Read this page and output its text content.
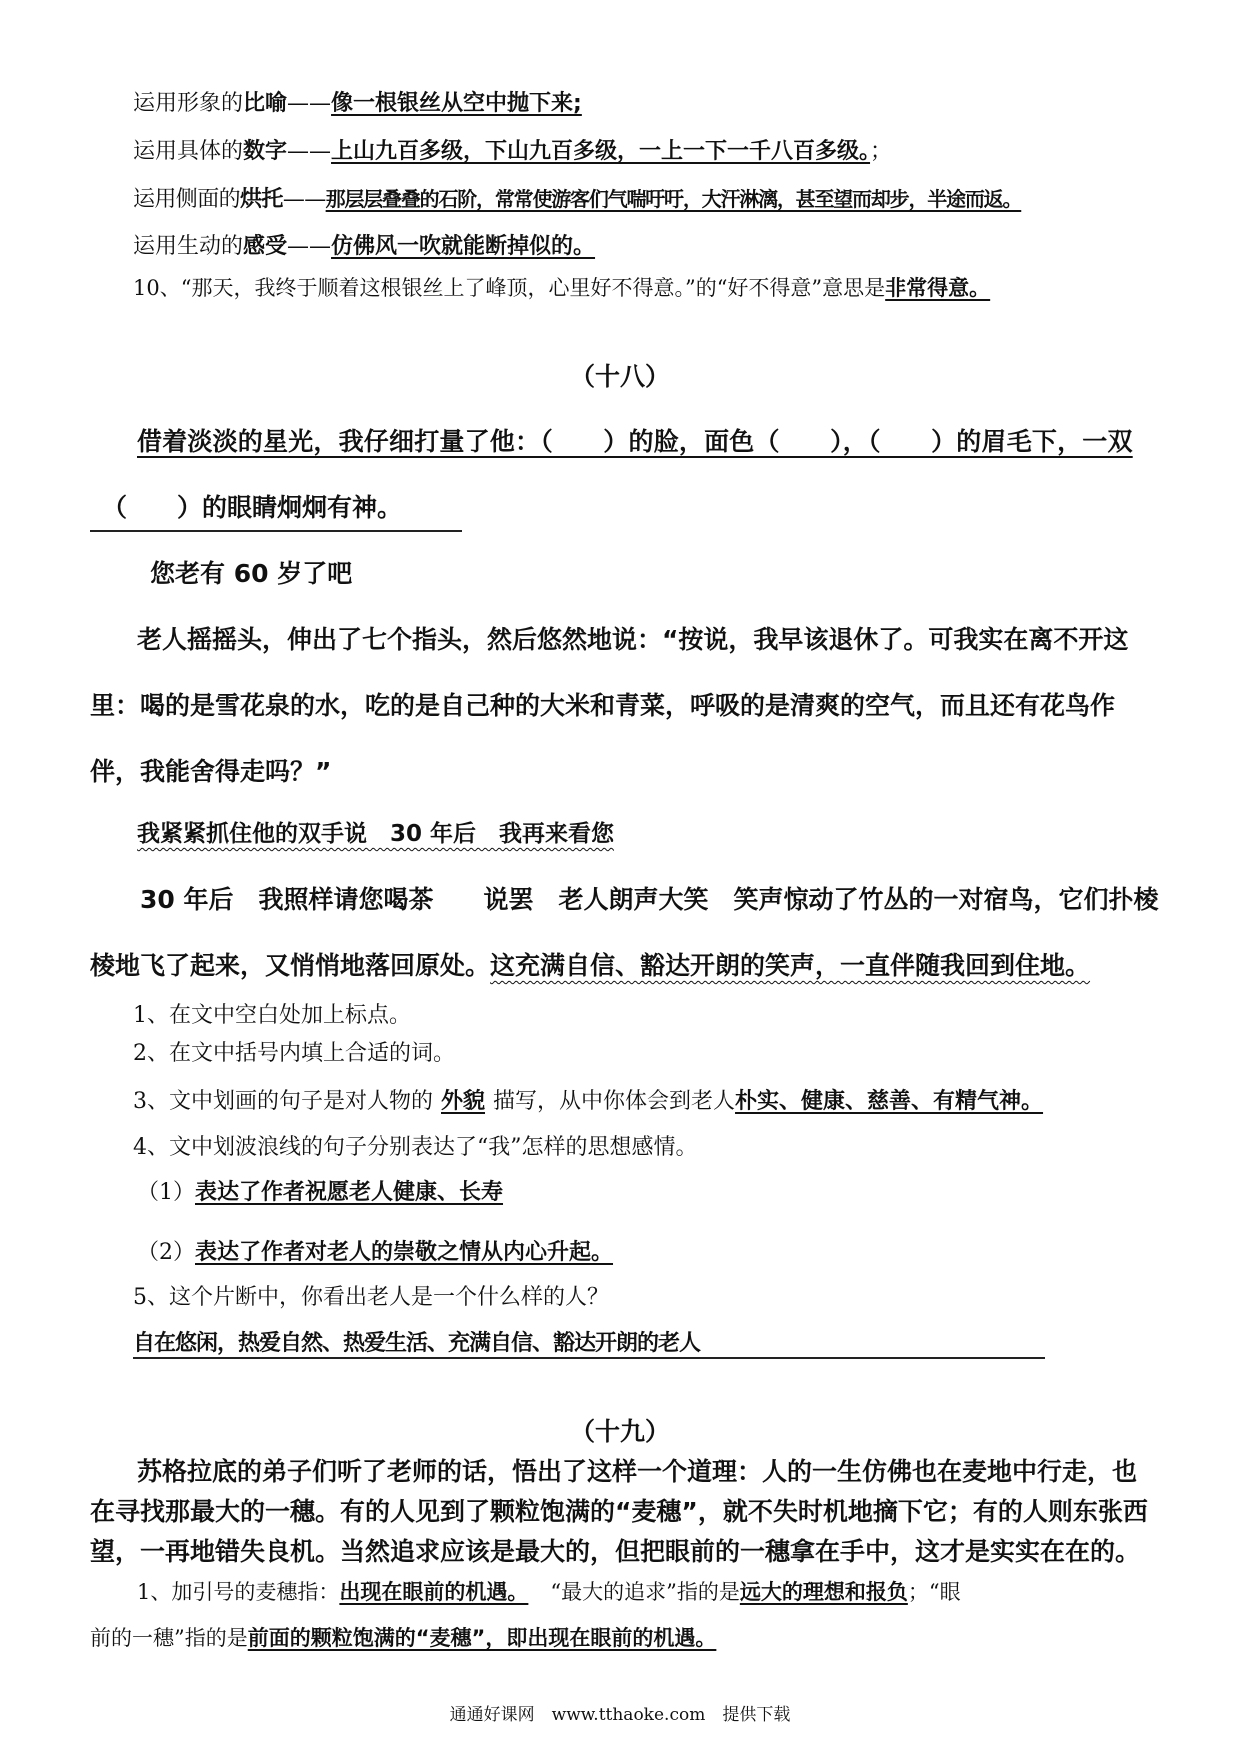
运用形象的比喻——像一根银丝从空中抛下来;
运用具体的数字——上山九百多级，下山九百多级，一上一下一千八百多级。；
运用侧面的烘托——那层层叠叠的石阶，常常使游客们气喘吁吁，大汗淋漓，甚至望而却步，半途而返。
运用生动的感受——仿佛风一吹就能断掉似的。
10、“那天，我终于顺着这根银丝上了峰顶，心里好不得意。”的“好不得意”意思是非常得意。
（十八）
借着淡淡的星光，我仔细打量了他：（　　）的脸，面色（　　），（　　）的眉毛下，一双
（　　）的眼睛炯炯有神。
您老有 60 岁了吧
老人摇摇头，伸出了七个指头，然后悠然地说：“按说，我早该退休了。可我实在离不开这
里：喝的是雪花泉的水，吃的是自己种的大米和青菜，呼吸的是清爽的空气，而且还有花鸟作
伴，我能舍得走吗？”
我紧紧抓住他的双手说　30 年后　我再来看您
30 年后　我照样请您喝茶　　说罢　老人朗声大笑　笑声惊动了竹丛的一对宿鸟，它们扑棱
棱地飞了起来，又悄悄地落回原处。这充满自信、豁达开朗的笑声，一直伴随我回到住地。
1、在文中空白处加上标点。
2、在文中括号内填上合适的词。
3、文中划画的句子是对人物的 外貌 描写，从中你体会到老人朴实、健康、慈善、有精气神。
4、文中划波浪线的句子分别表达了“我”怎样的思想感情。
（1）表达了作者祝愿老人健康、长寿
（2）表达了作者对老人的崇敬之情从内心升起。
5、这个片断中，你看出老人是一个什么样的人？
自在悠闲，热爱自然、热爱生活、充满自信、豁达开朗的老人
（十九）
苏格拉底的弟子们听了老师的话，悟出了这样一个道理：人的一生仿佛也在麦地中行走，也
在寻找那最大的一穗。有的人见到了颗粒饱满的“麦穗”，就不失时机地摘下它；有的人则东张西
望，一再地错失良机。当然追求应该是最大的，但把眼前的一穗拿在手中，这才是实实在在的。
1、加引号的麦穗指：出现在眼前的机遇。 “最大的追求”指的是远大的理想和报负；“眼
前的一穗”指的是前面的颗粒饱满的“麦穗”，即出现在眼前的机遇。
通通好课网　www.tthaoke.com　提供下载
